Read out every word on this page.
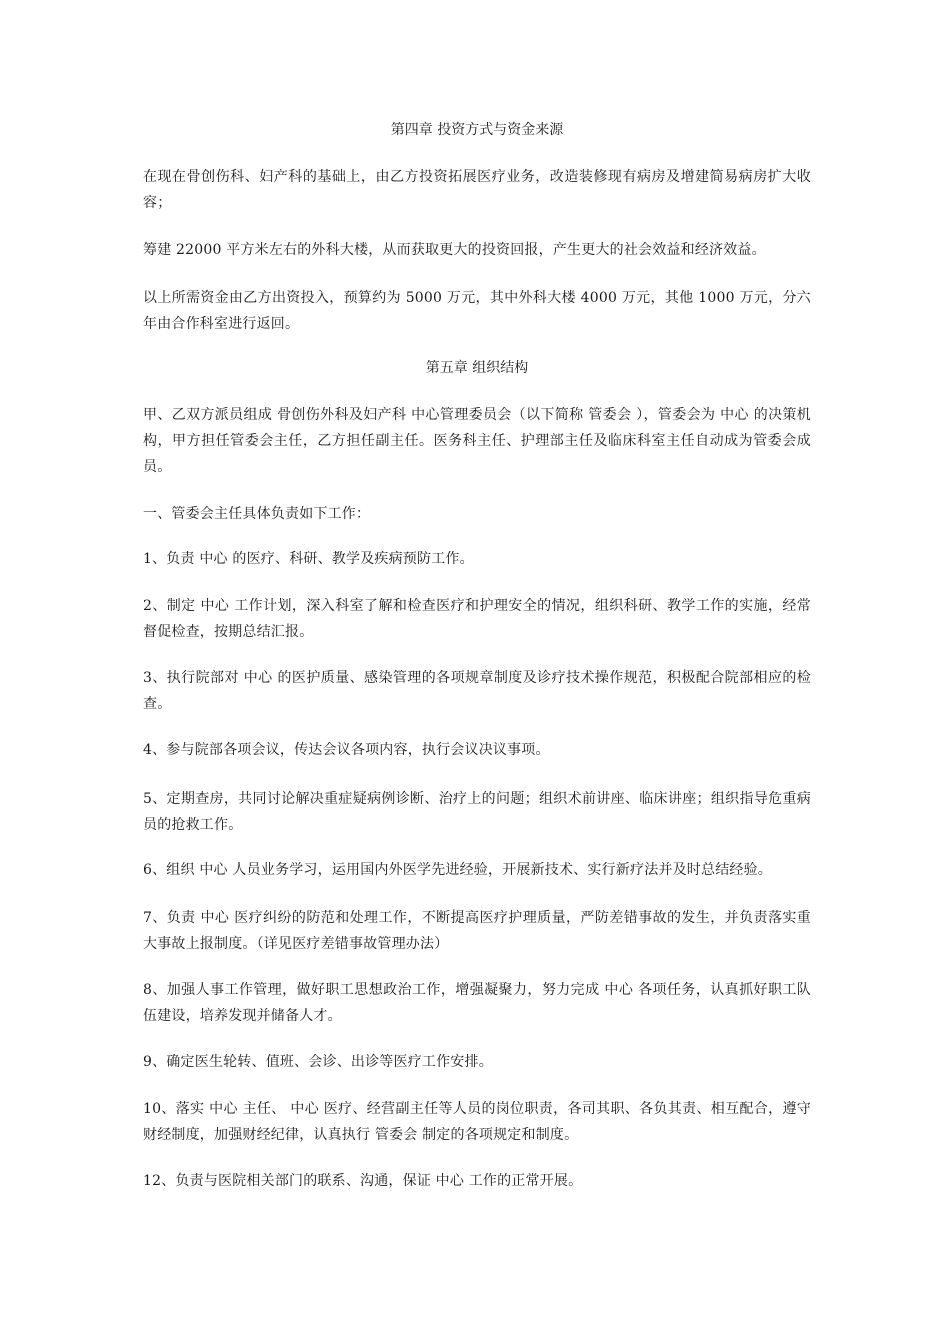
第四章 投资方式与资金来源

在现在骨创伤科、妇产科的基础上，由乙方投资拓展医疗业务，改造装修现有病房及增建简易病房扩大收容；

筹建 22000 平方米左右的外科大楼，从而获取更大的投资回报，产生更大的社会效益和经济效益。

以上所需资金由乙方出资投入，预算约为 5000 万元，其中外科大楼 4000 万元，其他 1000 万元，分六年由合作科室进行返回。

第五章 组织结构

甲、乙双方派员组成 骨创伤外科及妇产科 中心管理委员会（以下简称 管委会 ），管委会为 中心 的决策机构，甲方担任管委会主任，乙方担任副主任。医务科主任、护理部主任及临床科室主任自动成为管委会成员。

一、管委会主任具体负责如下工作：

1、负责 中心 的医疗、科研、教学及疾病预防工作。

2、制定 中心 工作计划，深入科室了解和检查医疗和护理安全的情况，组织科研、教学工作的实施，经常督促检查，按期总结汇报。

3、执行院部对 中心 的医护质量、感染管理的各项规章制度及诊疗技术操作规范，积极配合院部相应的检查。

4、参与院部各项会议，传达会议各项内容，执行会议决议事项。

5、定期查房，共同讨论解决重症疑病例诊断、治疗上的问题；组织术前讲座、临床讲座；组织指导危重病员的抢救工作。

6、组织 中心 人员业务学习，运用国内外医学先进经验，开展新技术、实行新疗法并及时总结经验。

7、负责 中心 医疗纠纷的防范和处理工作，不断提高医疗护理质量，严防差错事故的发生，并负责落实重大事故上报制度。（详见医疗差错事故管理办法）

8、加强人事工作管理，做好职工思想政治工作，增强凝聚力，努力完成 中心 各项任务，认真抓好职工队伍建设，培养发现并储备人才。

9、确定医生轮转、值班、会诊、出诊等医疗工作安排。

10、落实 中心 主任、 中心 医疗、经营副主任等人员的岗位职责，各司其职、各负其责、相互配合，遵守财经制度，加强财经纪律，认真执行 管委会 制定的各项规定和制度。

12、负责与医院相关部门的联系、沟通，保证 中心 工作的正常开展。
